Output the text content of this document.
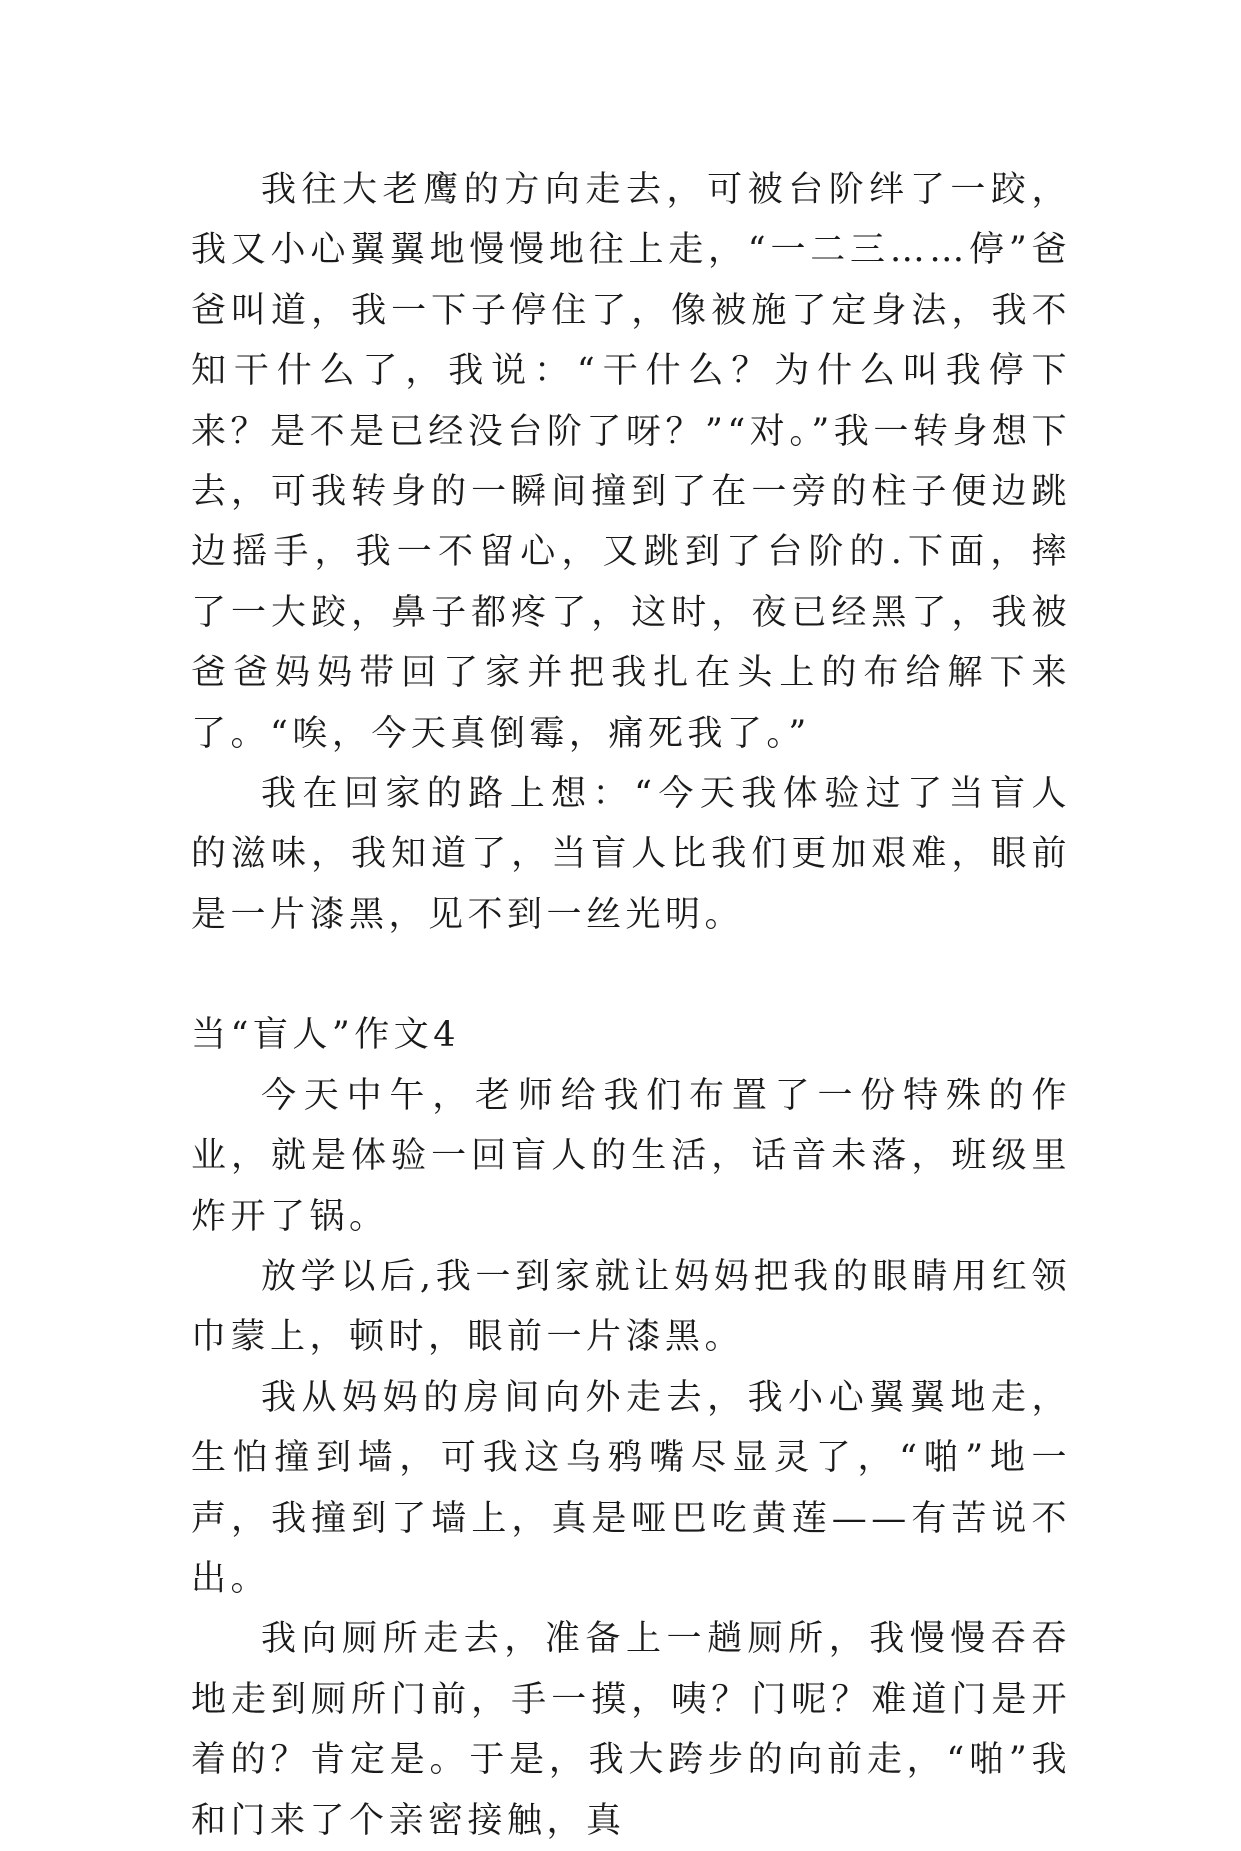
我往大老鹰的方向走去，可被台阶绊了一跤，我又小心翼翼地慢慢地往上走，“一二三……停”爸爸叫道，我一下子停住了，像被施了定身法，我不知干什么了，我说：“干什么？为什么叫我停下来？是不是已经没台阶了呀？”“对。”我一转身想下去，可我转身的一瞬间撞到了在一旁的柱子便边跳边摇手，我一不留心，又跳到了台阶的.下面，摔了一大跤，鼻子都疼了，这时，夜已经黑了，我被爸爸妈妈带回了家并把我扎在头上的布给解下来了。“唉，今天真倒霉，痛死我了。”

我在回家的路上想：“今天我体验过了当盲人的滋味，我知道了，当盲人比我们更加艰难，眼前是一片漆黑，见不到一丝光明。

当“盲人”作文4

今天中午，老师给我们布置了一份特殊的作业，就是体验一回盲人的生活，话音未落，班级里炸开了锅。

放学以后,我一到家就让妈妈把我的眼睛用红领巾蒙上，顿时，眼前一片漆黑。

我从妈妈的房间向外走去，我小心翼翼地走，生怕撞到墙，可我这乌鸦嘴尽显灵了，“啪”地一声，我撞到了墙上，真是哑巴吃黄莲——有苦说不出。

我向厕所走去，准备上一趟厕所，我慢慢吞吞地走到厕所门前，手一摸，咦？门呢？难道门是开着的？肯定是。于是，我大跨步的向前走，“啪”我和门来了个亲密接触，真
